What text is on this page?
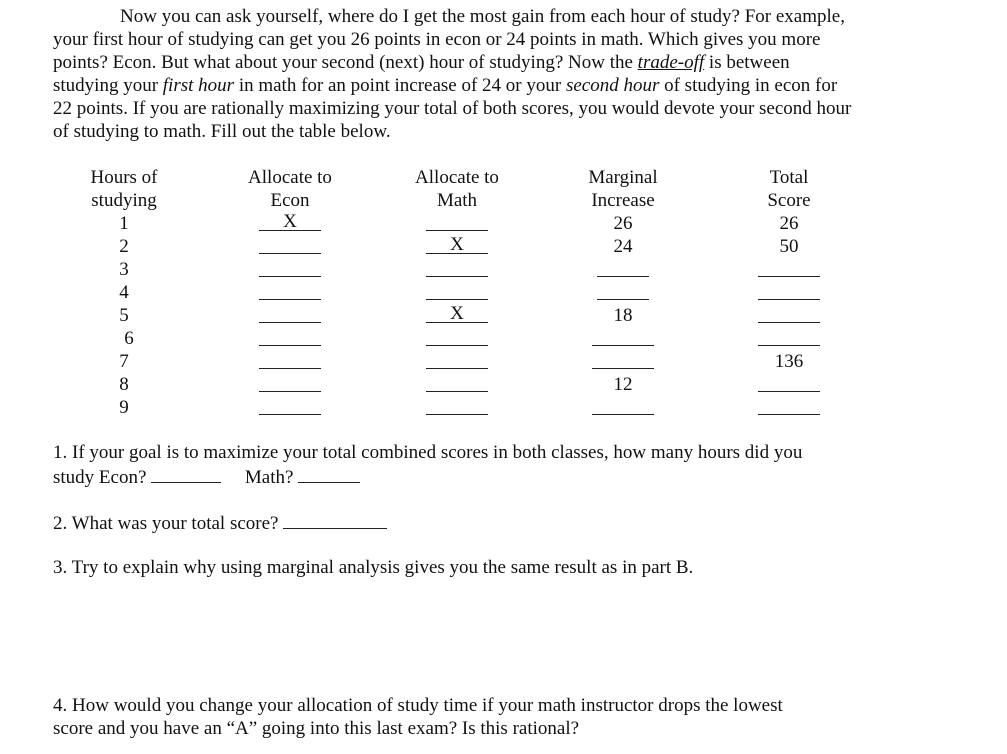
Now you can ask yourself, where do I get the most gain from each hour of study? For example,
your first hour of studying can get you 26 points in econ or 24 points in math. Which gives you more
points? Econ. But what about your second (next) hour of studying? Now the trade-off is between
studying your first hour in math for an point increase of 24 or your second hour of studying in econ for
22 points. If you are rationally maximizing your total of both scores, you would devote your second hour
of studying to math. Fill out the table below.
Hours of
studying
1
2
3
4
5
6
7
8
9
Allocate to
Econ
X
Allocate to
Math
X
X
Marginal
Increase
26
24
18
12
Total
Score
26
50
136
1. If your goal is to maximize your total combined scores in both classes, how many hours did you
study Econ?	Math?
2. What was your total score?
3. Try to explain why using marginal analysis gives you the same result as in part B.
4. How would you change your allocation of study time if your math instructor drops the lowest
score and you have an “A” going into this last exam? Is this rational?
